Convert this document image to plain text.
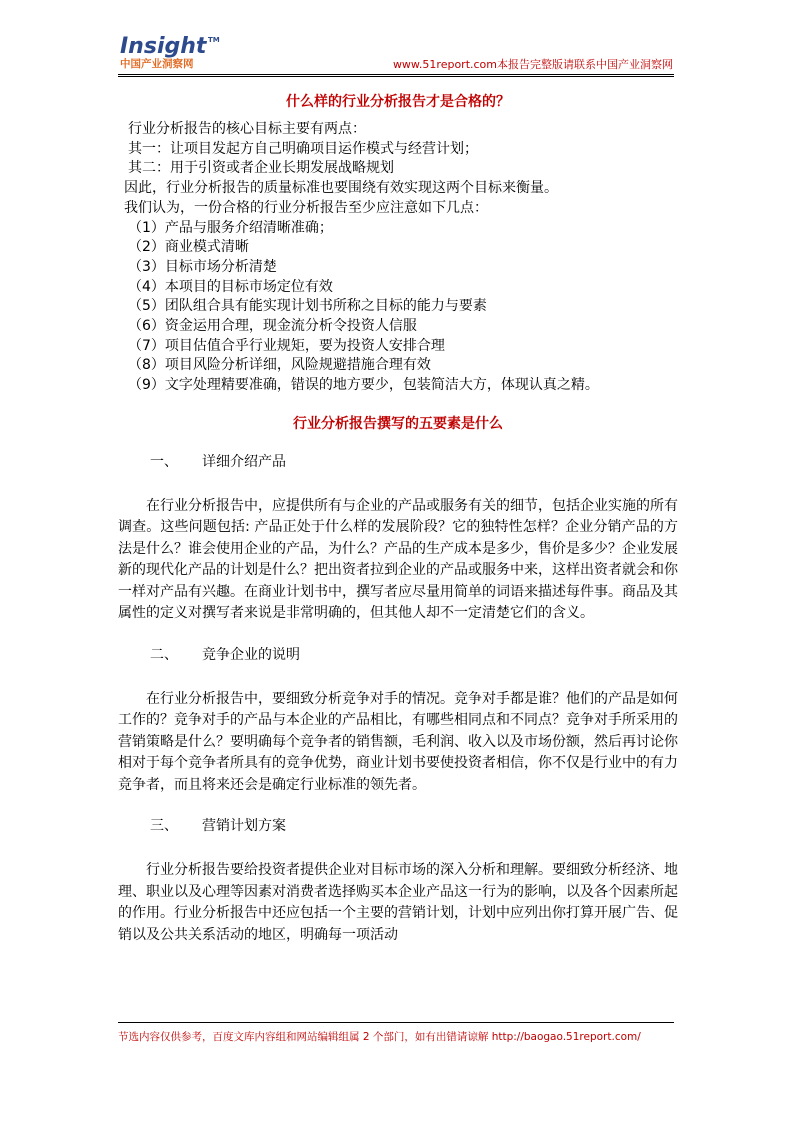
Insight TM
中国产业洞察网	www.51report.com本报告完整版请联系中国产业洞察网
什么样的行业分析报告才是合格的？

行业分析报告的核心目标主要有两点：

其一：让项目发起方自己明确项目运作模式与经营计划；

其二：用于引资或者企业长期发展战略规划

因此，行业分析报告的质量标准也要围绕有效实现这两个目标来衡量。

我们认为，一份合格的行业分析报告至少应注意如下几点：

（1）产品与服务介绍清晰准确；

（2）商业模式清晰

（3）目标市场分析清楚

（4）本项目的目标市场定位有效

（5）团队组合具有能实现计划书所称之目标的能力与要素

（6）资金运用合理，现金流分析令投资人信服

（7）项目估值合乎行业规矩，要为投资人安排合理

（8）项目风险分析详细，风险规避措施合理有效

（9）文字处理精要准确，错误的地方要少，包装简洁大方，体现认真之精。

行业分析报告撰写的五要素是什么

一、 详细介绍产品

在行业分析报告中，应提供所有与企业的产品或服务有关的细节，包括企业实施的所有调查。这些问题包括: 产品正处于什么样的发展阶段？它的独特性怎样？企业分销产品的方法是什么？谁会使用企业的产品，为什么？产品的生产成本是多少，售价是多少？企业发展新的现代化产品的计划是什么？把出资者拉到企业的产品或服务中来，这样出资者就会和你一样对产品有兴趣。在商业计划书中，撰写者应尽量用简单的词语来描述每件事。商品及其属性的定义对撰写者来说是非常明确的，但其他人却不一定清楚它们的含义。

二、 竞争企业的说明

在行业分析报告中，要细致分析竞争对手的情况。竞争对手都是谁？他们的产品是如何工作的？竞争对手的产品与本企业的产品相比，有哪些相同点和不同点？竞争对手所采用的营销策略是什么？要明确每个竞争者的销售额，毛利润、收入以及市场份额，然后再讨论你相对于每个竞争者所具有的竞争优势，商业计划书要使投资者相信，你不仅是行业中的有力竞争者，而且将来还会是确定行业标准的领先者。

三、 营销计划方案

行业分析报告要给投资者提供企业对目标市场的深入分析和理解。要细致分析经济、地理、职业以及心理等因素对消费者选择购买本企业产品这一行为的影响，以及各个因素所起的作用。行业分析报告中还应包括一个主要的营销计划，计划中应列出你打算开展广告、促销以及公共关系活动的地区，明确每一项活动

节选内容仅供参考，百度文库内容组和网站编辑组属 2 个部门，如有出错请谅解 http://baogao.51report.com/
